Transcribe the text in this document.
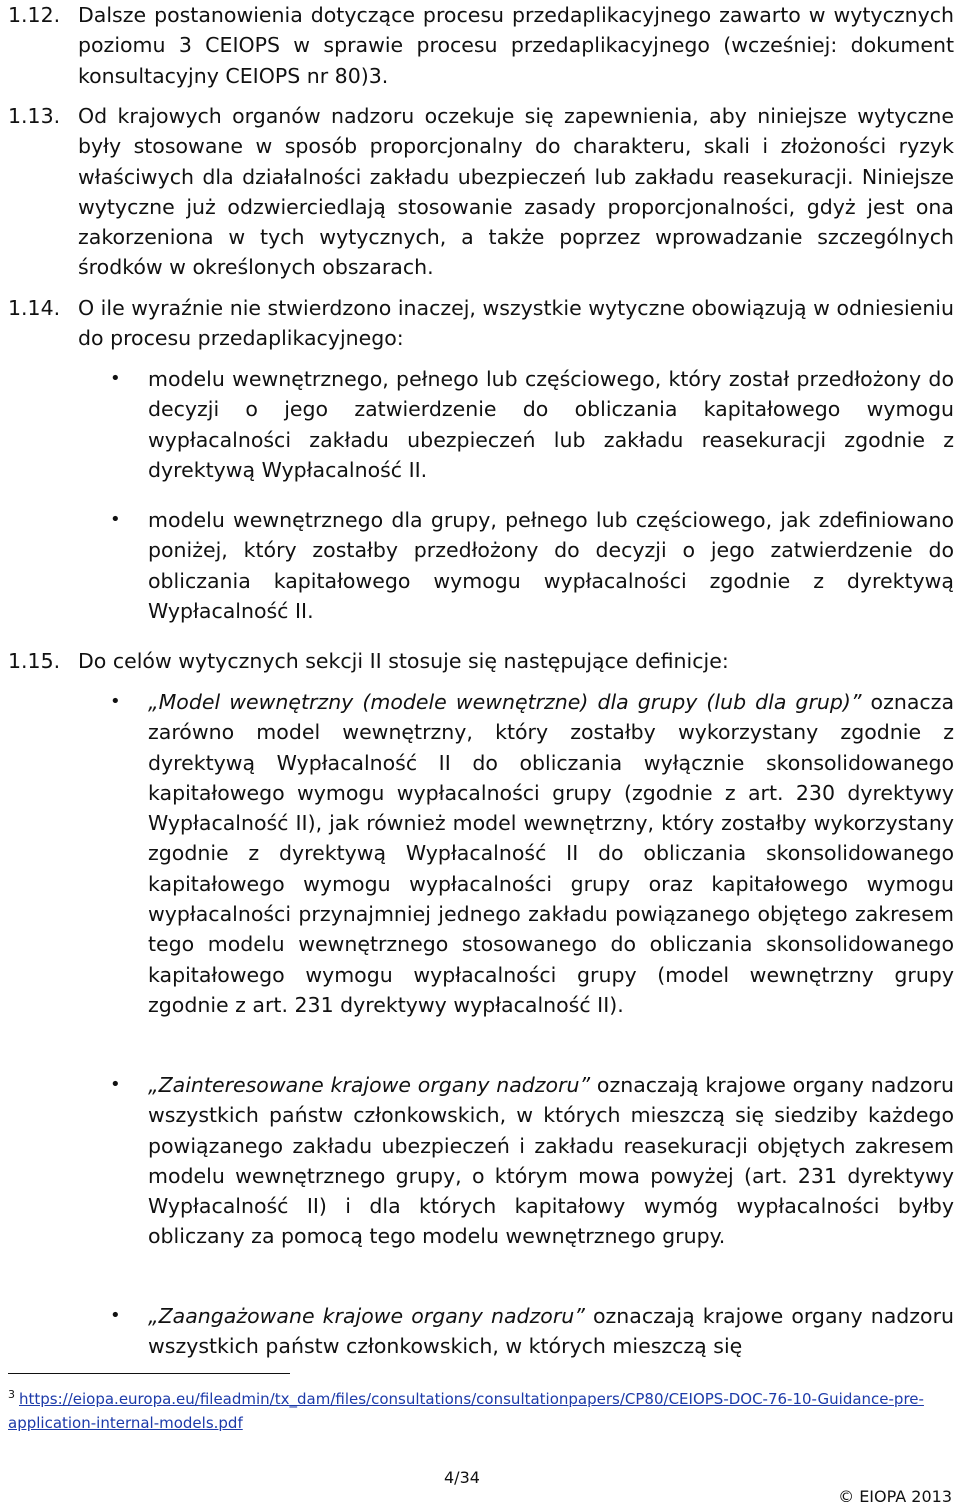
1.12. Dalsze postanowienia dotyczące procesu przedaplikacyjnego zawarto w wytycznych poziomu 3 CEIOPS w sprawie procesu przedaplikacyjnego (wcześniej: dokument konsultacyjny CEIOPS nr 80)3.
1.13. Od krajowych organów nadzoru oczekuje się zapewnienia, aby niniejsze wytyczne były stosowane w sposób proporcjonalny do charakteru, skali i złożoności ryzyk właściwych dla działalności zakładu ubezpieczeń lub zakładu reasekuracji. Niniejsze wytyczne już odzwierciedlają stosowanie zasady proporcjonalności, gdyż jest ona zakorzeniona w tych wytycznych, a także poprzez wprowadzanie szczególnych środków w określonych obszarach.
1.14. O ile wyraźnie nie stwierdzono inaczej, wszystkie wytyczne obowiązują w odniesieniu do procesu przedaplikacyjnego:
• modelu wewnętrznego, pełnego lub częściowego, który został przedłożony do decyzji o jego zatwierdzenie do obliczania kapitałowego wymogu wypłacalności zakładu ubezpieczeń lub zakładu reasekuracji zgodnie z dyrektywą Wypłacalność II.
• modelu wewnętrznego dla grupy, pełnego lub częściowego, jak zdefiniowano poniżej, który zostałby przedłożony do decyzji o jego zatwierdzenie do obliczania kapitałowego wymogu wypłacalności zgodnie z dyrektywą Wypłacalność II.
1.15. Do celów wytycznych sekcji II stosuje się następujące definicje:
• „Model wewnętrzny (modele wewnętrzne) dla grupy (lub dla grup)” oznacza zarówno model wewnętrzny, który zostałby wykorzystany zgodnie z dyrektywą Wypłacalność II do obliczania wyłącznie skonsolidowanego kapitałowego wymogu wypłacalności grupy (zgodnie z art. 230 dyrektywy Wypłacalność II), jak również model wewnętrzny, który zostałby wykorzystany zgodnie z dyrektywą Wypłacalność II do obliczania skonsolidowanego kapitałowego wymogu wypłacalności grupy oraz kapitałowego wymogu wypłacalności przynajmniej jednego zakładu powiązanego objętego zakresem tego modelu wewnętrznego stosowanego do obliczania skonsolidowanego kapitałowego wymogu wypłacalności grupy (model wewnętrzny grupy zgodnie z art. 231 dyrektywy wypłacalność II).
• „Zainteresowane krajowe organy nadzoru” oznaczają krajowe organy nadzoru wszystkich państw członkowskich, w których mieszczą się siedziby każdego powiązanego zakładu ubezpieczeń i zakładu reasekuracji objętych zakresem modelu wewnętrznego grupy, o którym mowa powyżej (art. 231 dyrektywy Wypłacalność II) i dla których kapitałowy wymóg wypłacalności byłby obliczany za pomocą tego modelu wewnętrznego grupy.
• „Zaangażowane krajowe organy nadzoru” oznaczają krajowe organy nadzoru wszystkich państw członkowskich, w których mieszczą się
$^3$ https://eiopa.europa.eu/fileadmin/tx_dam/files/consultations/consultationpapers/CP80/CEIOPS-DOC-76-10-Guidance-pre-application-internal-models.pdf
4/34
© EIOPA 2013
